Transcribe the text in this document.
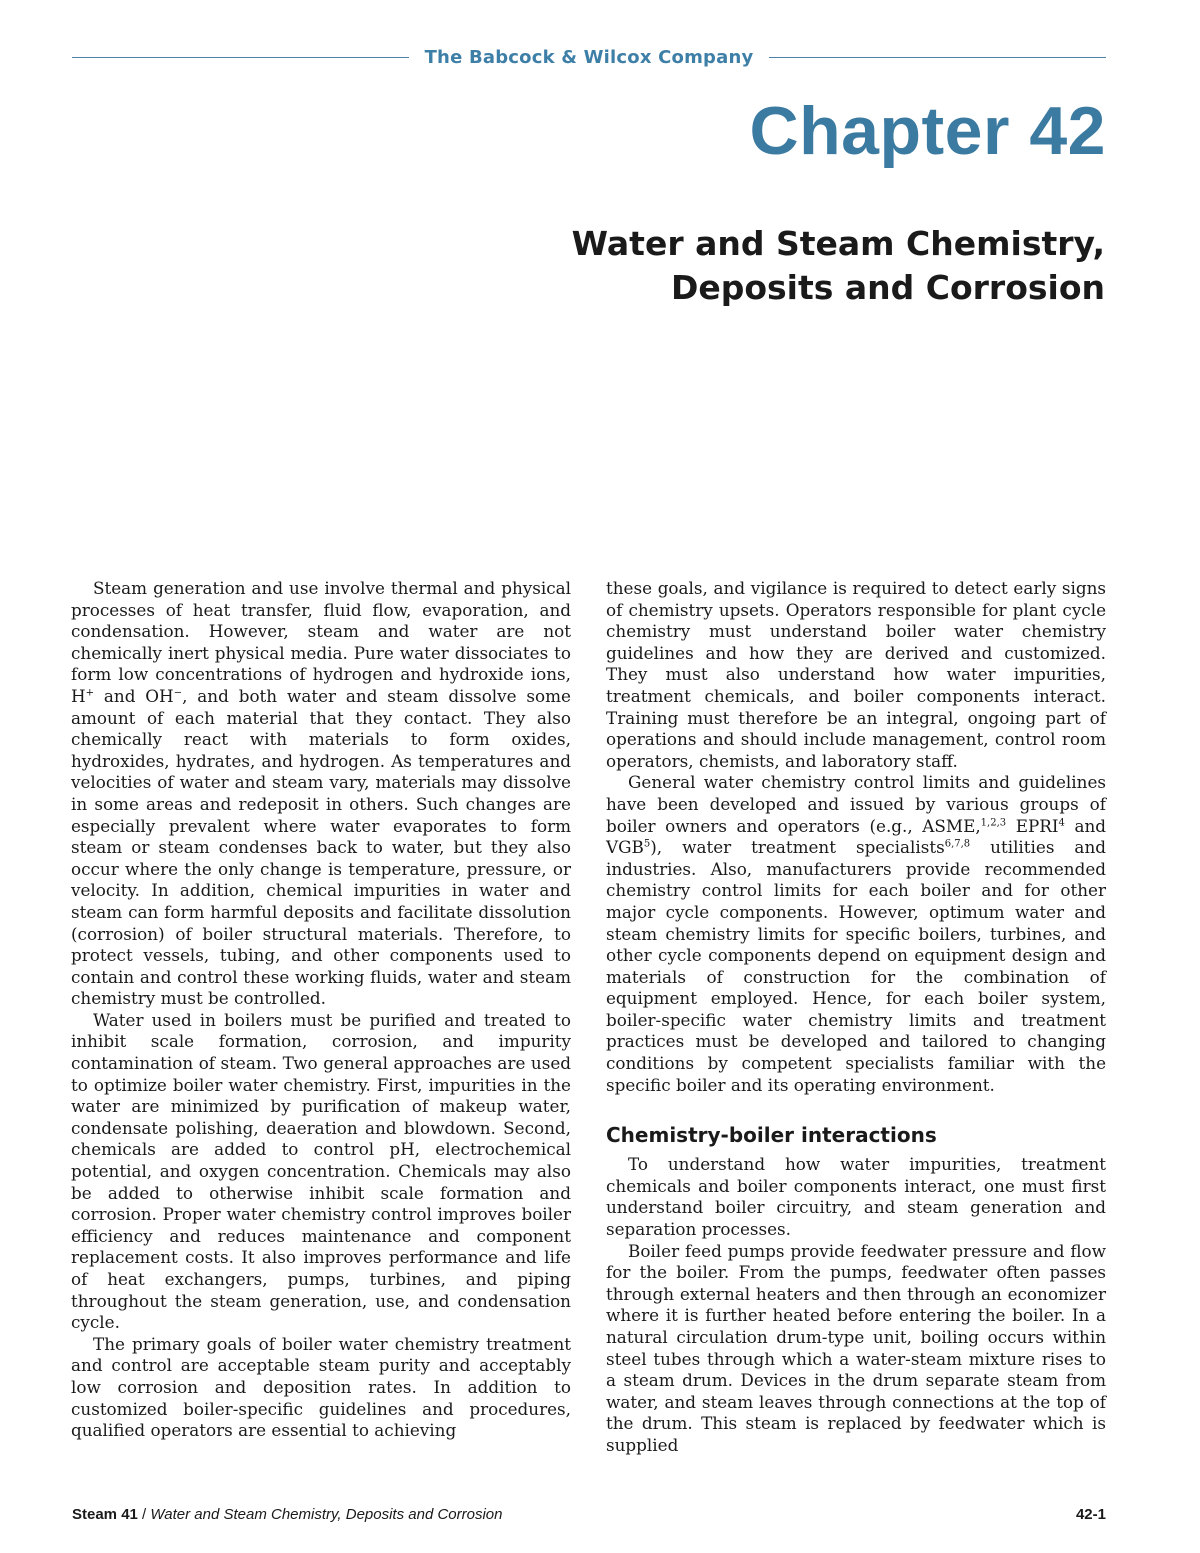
The Babcock & Wilcox Company
Chapter 42
Water and Steam Chemistry,
Deposits and Corrosion

Steam generation and use involve thermal and physical processes of heat transfer, fluid flow, evaporation, and condensation. However, steam and water are not chemically inert physical media. Pure water dissociates to form low concentrations of hydrogen and hydroxide ions, H+ and OH−, and both water and steam dissolve some amount of each material that they contact. They also chemically react with materials to form oxides, hydroxides, hydrates, and hydrogen. As temperatures and velocities of water and steam vary, materials may dissolve in some areas and redeposit in others. Such changes are especially prevalent where water evaporates to form steam or steam condenses back to water, but they also occur where the only change is temperature, pressure, or velocity. In addition, chemical impurities in water and steam can form harmful deposits and facilitate dissolution (corrosion) of boiler structural materials. Therefore, to protect vessels, tubing, and other components used to contain and control these working fluids, water and steam chemistry must be controlled.

Water used in boilers must be purified and treated to inhibit scale formation, corrosion, and impurity contamination of steam. Two general approaches are used to optimize boiler water chemistry. First, impurities in the water are minimized by purification of makeup water, condensate polishing, deaeration and blowdown. Second, chemicals are added to control pH, electrochemical potential, and oxygen concentration. Chemicals may also be added to otherwise inhibit scale formation and corrosion. Proper water chemistry control improves boiler efficiency and reduces maintenance and component replacement costs. It also improves performance and life of heat exchangers, pumps, turbines, and piping throughout the steam generation, use, and condensation cycle.

The primary goals of boiler water chemistry treatment and control are acceptable steam purity and acceptably low corrosion and deposition rates. In addition to customized boiler-specific guidelines and procedures, qualified operators are essential to achieving

these goals, and vigilance is required to detect early signs of chemistry upsets. Operators responsible for plant cycle chemistry must understand boiler water chemistry guidelines and how they are derived and customized. They must also understand how water impurities, treatment chemicals, and boiler components interact. Training must therefore be an integral, ongoing part of operations and should include management, control room operators, chemists, and laboratory staff.

General water chemistry control limits and guidelines have been developed and issued by various groups of boiler owners and operators (e.g., ASME,$^{1,2,3}$ EPRI$^4$ and VGB$^5$), water treatment specialists$^{6,7,8}$ utilities and industries. Also, manufacturers provide recommended chemistry control limits for each boiler and for other major cycle components. However, optimum water and steam chemistry limits for specific boilers, turbines, and other cycle components depend on equipment design and materials of construction for the combination of equipment employed. Hence, for each boiler system, boiler-specific water chemistry limits and treatment practices must be developed and tailored to changing conditions by competent specialists familiar with the specific boiler and its operating environment.

Chemistry-boiler interactions

To understand how water impurities, treatment chemicals and boiler components interact, one must first understand boiler circuitry, and steam generation and separation processes.

Boiler feed pumps provide feedwater pressure and flow for the boiler. From the pumps, feedwater often passes through external heaters and then through an economizer where it is further heated before entering the boiler. In a natural circulation drum-type unit, boiling occurs within steel tubes through which a water-steam mixture rises to a steam drum. Devices in the drum separate steam from water, and steam leaves through connections at the top of the drum. This steam is replaced by feedwater which is supplied

Steam 41 / Water and Steam Chemistry, Deposits and Corrosion	42-1
